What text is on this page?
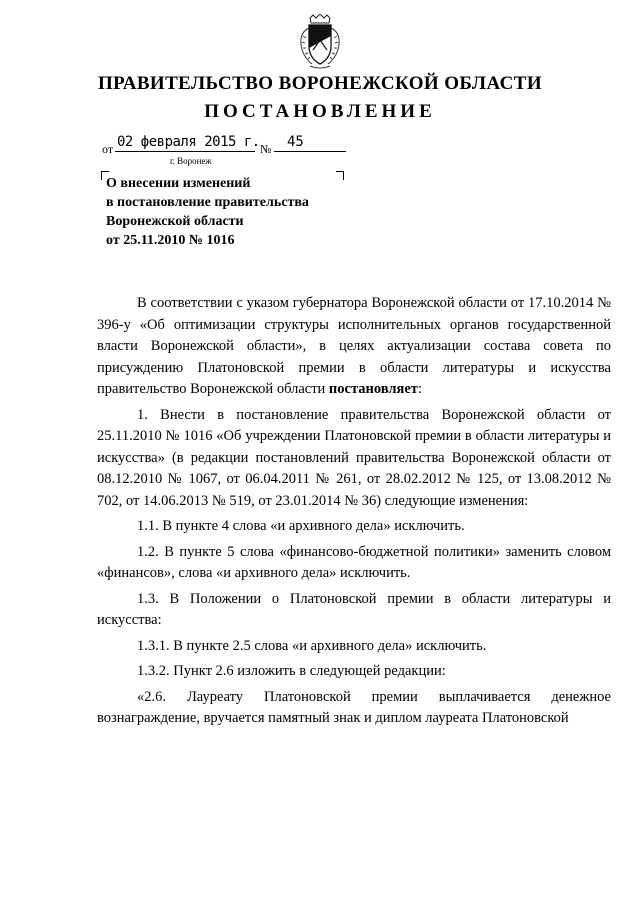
ПРАВИТЕЛЬСТВО ВОРОНЕЖСКОЙ ОБЛАСТИ
ПОСТАНОВЛЕНИЕ
от 02 февраля 2015 г. № 45
г. Воронеж
О внесении изменений
в постановление правительства
Воронежской области
от 25.11.2010 № 1016

В соответствии с указом губернатора Воронежской области от 17.10.2014 № 396-у «Об оптимизации структуры исполнительных органов государственной власти Воронежской области», в целях актуализации состава совета по присуждению Платоновской премии в области литературы и искусства правительство Воронежской области постановляет:

1. Внести в постановление правительства Воронежской области от 25.11.2010 № 1016 «Об учреждении Платоновской премии в области литературы и искусства» (в редакции постановлений правительства Воронежской области от 08.12.2010 № 1067, от 06.04.2011 № 261, от 28.02.2012 № 125, от 13.08.2012 № 702, от 14.06.2013 № 519, от 23.01.2014 № 36) следующие изменения:

1.1. В пункте 4 слова «и архивного дела» исключить.

1.2. В пункте 5 слова «финансово-бюджетной политики» заменить словом «финансов», слова «и архивного дела» исключить.

1.3. В Положении о Платоновской премии в области литературы и искусства:

1.3.1. В пункте 2.5 слова «и архивного дела» исключить.

1.3.2. Пункт 2.6 изложить в следующей редакции:

«2.6. Лауреату Платоновской премии выплачивается денежное вознаграждение, вручается памятный знак и диплом лауреата Платоновской
